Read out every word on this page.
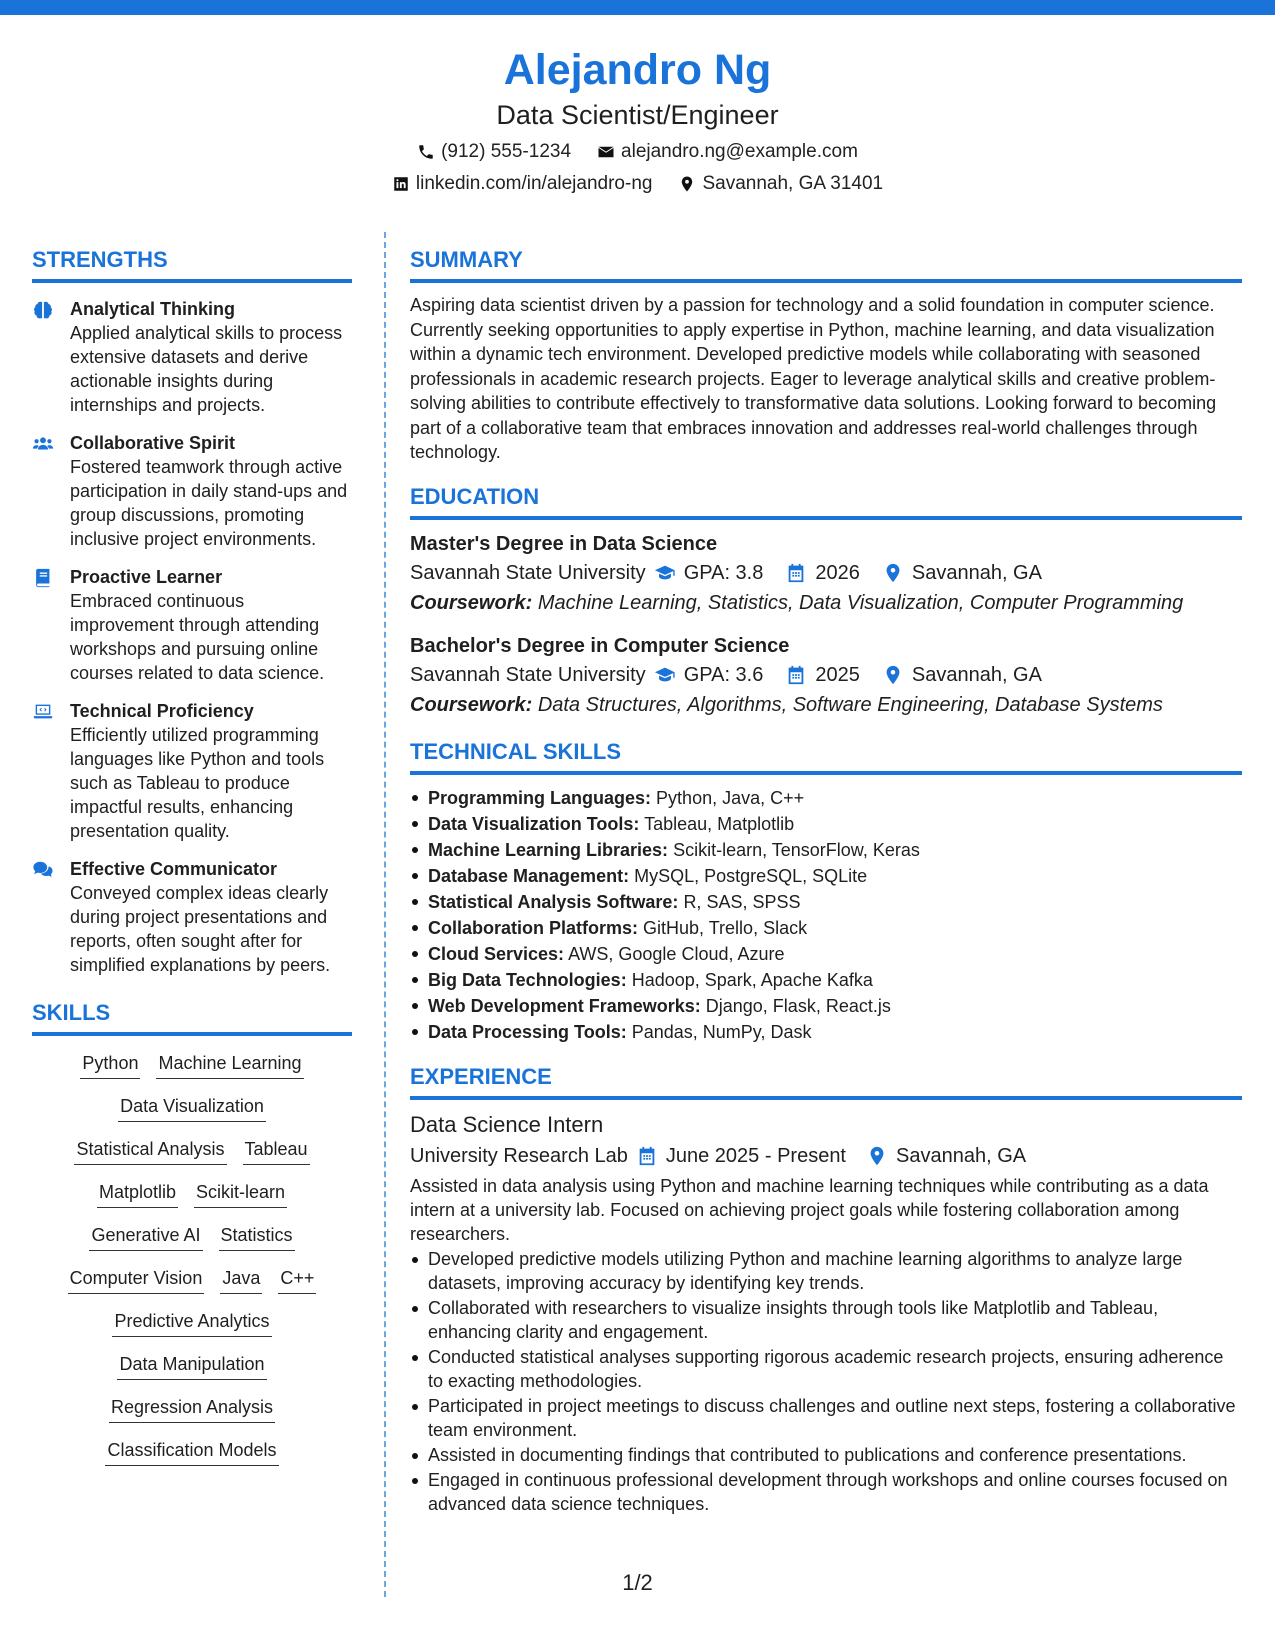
Alejandro Ng
Data Scientist/Engineer
(912) 555-1234	alejandro.ng@example.com
linkedin.com/in/alejandro-ng	Savannah, GA 31401
STRENGTHS
Analytical Thinking
Applied analytical skills to process extensive datasets and derive actionable insights during internships and projects.
Collaborative Spirit
Fostered teamwork through active participation in daily stand-ups and group discussions, promoting inclusive project environments.
Proactive Learner
Embraced continuous improvement through attending workshops and pursuing online courses related to data science.
Technical Proficiency
Efficiently utilized programming languages like Python and tools such as Tableau to produce impactful results, enhancing presentation quality.
Effective Communicator
Conveyed complex ideas clearly during project presentations and reports, often sought after for simplified explanations by peers.
SKILLS
Python Machine Learning
Data Visualization
Statistical Analysis Tableau
Matplotlib Scikit-learn
Generative AI Statistics
Computer Vision Java C++
Predictive Analytics
Data Manipulation
Regression Analysis
Classification Models
SUMMARY
Aspiring data scientist driven by a passion for technology and a solid foundation in computer science. Currently seeking opportunities to apply expertise in Python, machine learning, and data visualization within a dynamic tech environment. Developed predictive models while collaborating with seasoned professionals in academic research projects. Eager to leverage analytical skills and creative problem-solving abilities to contribute effectively to transformative data solutions. Looking forward to becoming part of a collaborative team that embraces innovation and addresses real-world challenges through technology.
EDUCATION
Master's Degree in Data Science
Savannah State University GPA: 3.8	2026	Savannah, GA
Coursework: Machine Learning, Statistics, Data Visualization, Computer Programming
Bachelor's Degree in Computer Science
Savannah State University GPA: 3.6	2025	Savannah, GA
Coursework: Data Structures, Algorithms, Software Engineering, Database Systems
TECHNICAL SKILLS
Programming Languages: Python, Java, C++
Data Visualization Tools: Tableau, Matplotlib
Machine Learning Libraries: Scikit-learn, TensorFlow, Keras
Database Management: MySQL, PostgreSQL, SQLite
Statistical Analysis Software: R, SAS, SPSS
Collaboration Platforms: GitHub, Trello, Slack
Cloud Services: AWS, Google Cloud, Azure
Big Data Technologies: Hadoop, Spark, Apache Kafka
Web Development Frameworks: Django, Flask, React.js
Data Processing Tools: Pandas, NumPy, Dask
EXPERIENCE
Data Science Intern
University Research Lab June 2025 - Present	Savannah, GA
Assisted in data analysis using Python and machine learning techniques while contributing as a data intern at a university lab. Focused on achieving project goals while fostering collaboration among researchers.
Developed predictive models utilizing Python and machine learning algorithms to analyze large datasets, improving accuracy by identifying key trends.
Collaborated with researchers to visualize insights through tools like Matplotlib and Tableau, enhancing clarity and engagement.
Conducted statistical analyses supporting rigorous academic research projects, ensuring adherence to exacting methodologies.
Participated in project meetings to discuss challenges and outline next steps, fostering a collaborative team environment.
Assisted in documenting findings that contributed to publications and conference presentations.
Engaged in continuous professional development through workshops and online courses focused on advanced data science techniques.
1/2
